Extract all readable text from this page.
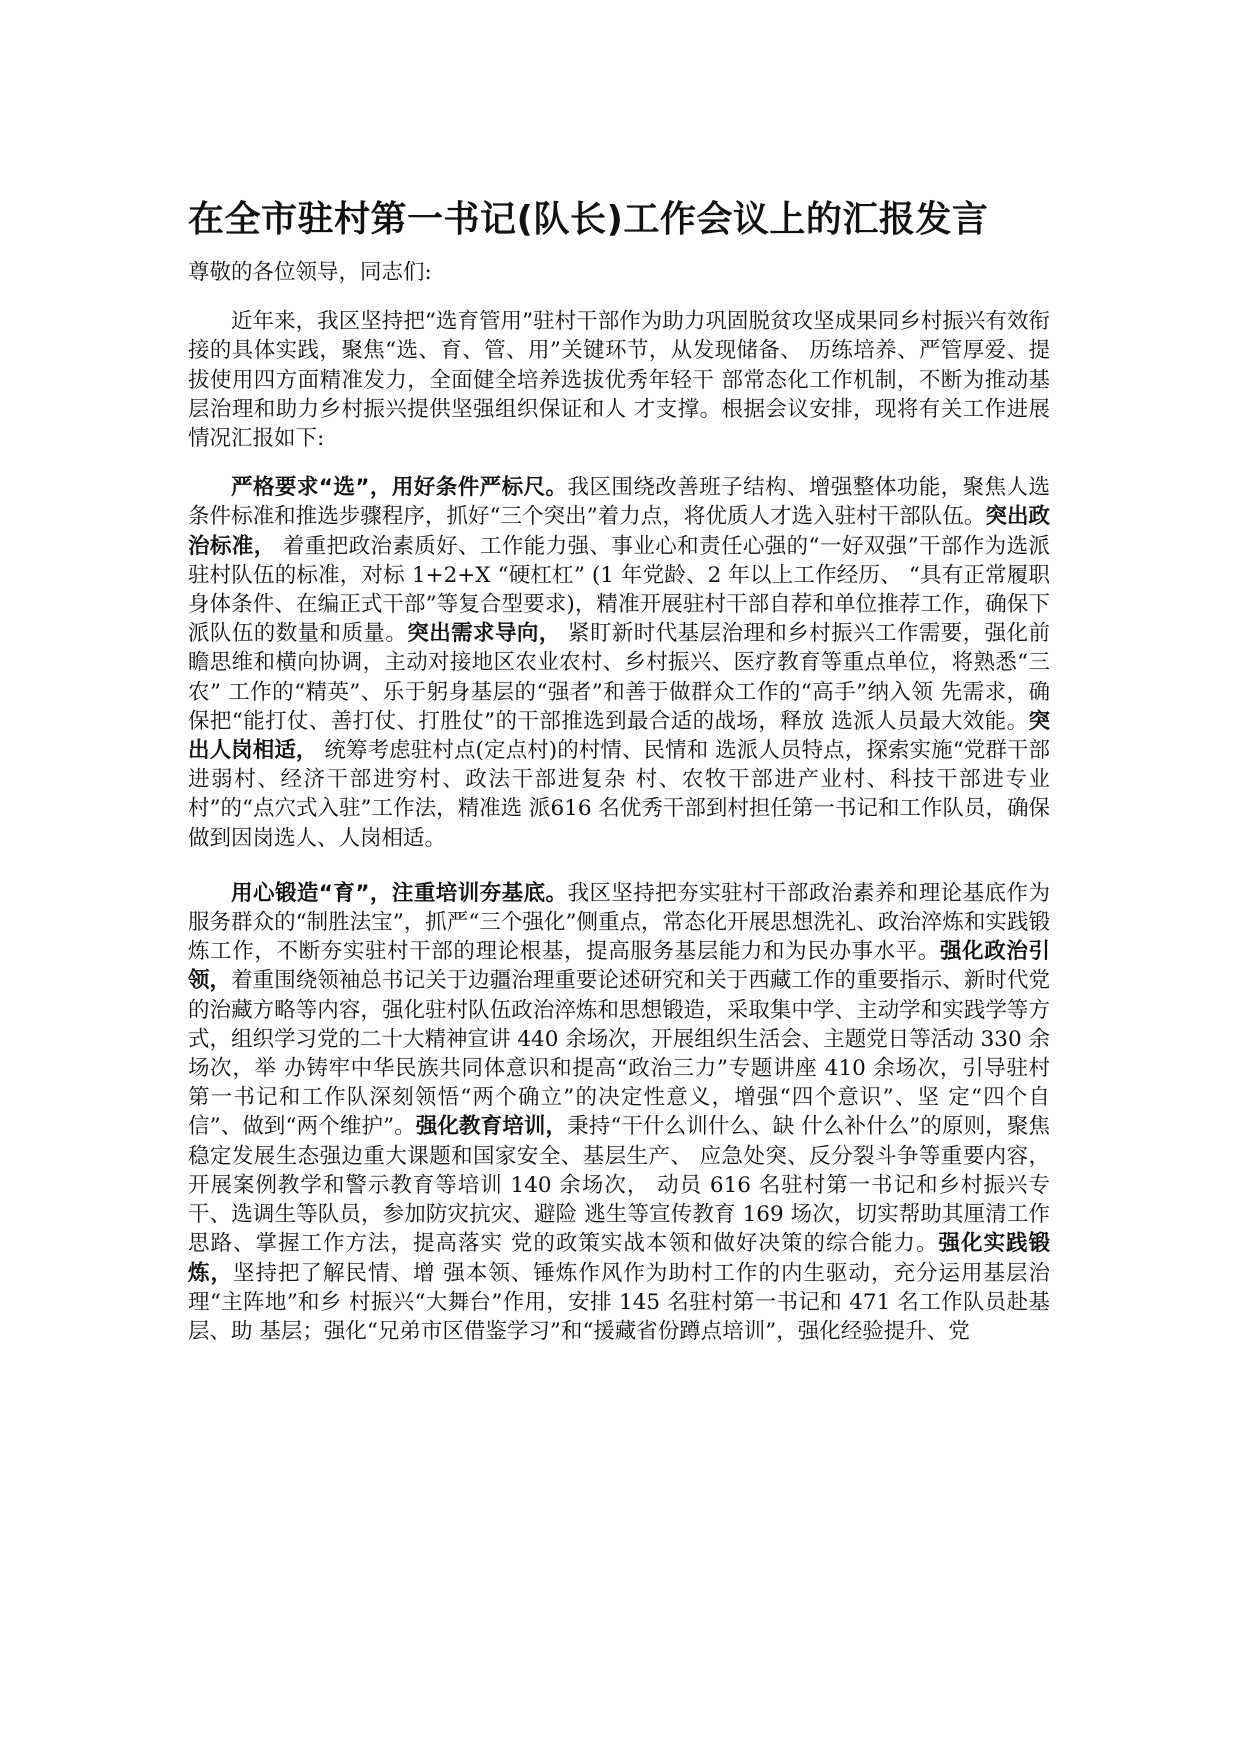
在全市驻村第一书记(队长)工作会议上的汇报发言

尊敬的各位领导，同志们:

近年来，我区坚持把“选育管用”驻村干部作为助力巩固脱贫攻坚成果同乡村振兴有效衔接的具体实践，聚焦“选、育、管、用”关键环节，从发现储备、 历练培养、严管厚爱、提拔使用四方面精准发力，全面健全培养选拔优秀年轻干 部常态化工作机制，不断为推动基层治理和助力乡村振兴提供坚强组织保证和人 才支撑。根据会议安排，现将有关工作进展情况汇报如下:

严格要求“选”，用好条件严标尺。我区围绕改善班子结构、增强整体功能，聚焦人选条件标准和推选步骤程序，抓好“三个突出”着力点，将优质人才选入驻村干部队伍。突出政治标准， 着重把政治素质好、工作能力强、事业心和责任心强的“一好双强”干部作为选派驻村队伍的标准，对标 1+2+X “硬杠杠” (1 年党龄、2 年以上工作经历、 “具有正常履职身体条件、在编正式干部”等复合型要求)，精准开展驻村干部自荐和单位推荐工作，确保下派队伍的数量和质量。突出需求导向， 紧盯新时代基层治理和乡村振兴工作需要，强化前瞻思维和横向协调，主动对接地区农业农村、乡村振兴、医疗教育等重点单位，将熟悉“三农” 工作的“精英”、乐于躬身基层的“强者”和善于做群众工作的“高手”纳入领 先需求，确保把“能打仗、善打仗、打胜仗”的干部推选到最合适的战场，释放 选派人员最大效能。突出人岗相适， 统筹考虑驻村点(定点村)的村情、民情和 选派人员特点，探索实施“党群干部进弱村、经济干部进穷村、政法干部进复杂 村、农牧干部进产业村、科技干部进专业村”的“点穴式入驻”工作法，精准选 派616 名优秀干部到村担任第一书记和工作队员，确保做到因岗选人、人岗相适。

用心锻造“育”，注重培训夯基底。我区坚持把夯实驻村干部政治素养和理论基底作为服务群众的“制胜法宝”，抓严“三个强化”侧重点，常态化开展思想洗礼、政治淬炼和实践锻炼工作，不断夯实驻村干部的理论根基，提高服务基层能力和为民办事水平。强化政治引领，着重围绕领袖总书记关于边疆治理重要论述研究和关于西藏工作的重要指示、新时代党的治藏方略等内容，强化驻村队伍政治淬炼和思想锻造，采取集中学、主动学和实践学等方式，组织学习党的二十大精神宣讲 440 余场次，开展组织生活会、主题党日等活动 330 余场次，举 办铸牢中华民族共同体意识和提高“政治三力”专题讲座 410 余场次，引导驻村 第一书记和工作队深刻领悟“两个确立”的决定性意义，增强“四个意识”、坚 定“四个自信”、做到“两个维护”。强化教育培训，秉持“干什么训什么、缺 什么补什么”的原则，聚焦稳定发展生态强边重大课题和国家安全、基层生产、 应急处突、反分裂斗争等重要内容，开展案例教学和警示教育等培训 140 余场次， 动员 616 名驻村第一书记和乡村振兴专干、选调生等队员，参加防灾抗灾、避险 逃生等宣传教育 169 场次，切实帮助其厘清工作思路、掌握工作方法，提高落实 党的政策实战本领和做好决策的综合能力。强化实践锻炼，坚持把了解民情、增 强本领、锤炼作风作为助村工作的内生驱动，充分运用基层治理“主阵地”和乡 村振兴“大舞台”作用，安排 145 名驻村第一书记和 471 名工作队员赴基层、助 基层；强化“兄弟市区借鉴学习”和“援藏省份蹲点培训”，强化经验提升、党
